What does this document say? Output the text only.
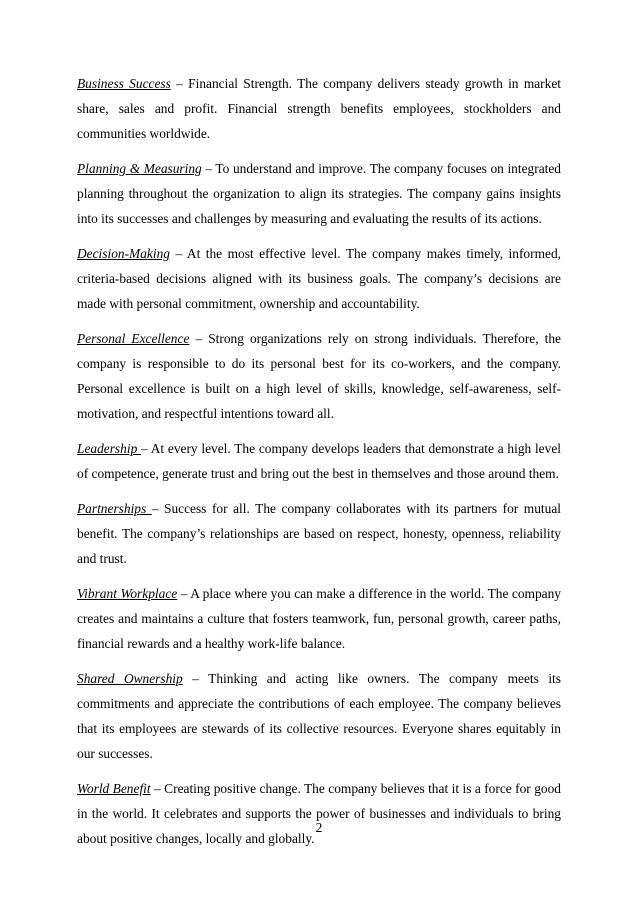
Business Success – Financial Strength. The company delivers steady growth in market share, sales and profit. Financial strength benefits employees, stockholders and communities worldwide.

Planning & Measuring – To understand and improve. The company focuses on integrated planning throughout the organization to align its strategies. The company gains insights into its successes and challenges by measuring and evaluating the results of its actions.

Decision-Making – At the most effective level. The company makes timely, informed, criteria-based decisions aligned with its business goals. The company’s decisions are made with personal commitment, ownership and accountability.

Personal Excellence – Strong organizations rely on strong individuals. Therefore, the company is responsible to do its personal best for its co-workers, and the company. Personal excellence is built on a high level of skills, knowledge, self-awareness, self-motivation, and respectful intentions toward all.

Leadership – At every level. The company develops leaders that demonstrate a high level of competence, generate trust and bring out the best in themselves and those around them.

Partnerships – Success for all. The company collaborates with its partners for mutual benefit. The company’s relationships are based on respect, honesty, openness, reliability and trust.

Vibrant Workplace – A place where you can make a difference in the world. The company creates and maintains a culture that fosters teamwork, fun, personal growth, career paths, financial rewards and a healthy work-life balance.

Shared Ownership – Thinking and acting like owners. The company meets its commitments and appreciate the contributions of each employee. The company believes that its employees are stewards of its collective resources. Everyone shares equitably in our successes.

World Benefit – Creating positive change. The company believes that it is a force for good in the world. It celebrates and supports the power of businesses and individuals to bring about positive changes, locally and globally.

2
